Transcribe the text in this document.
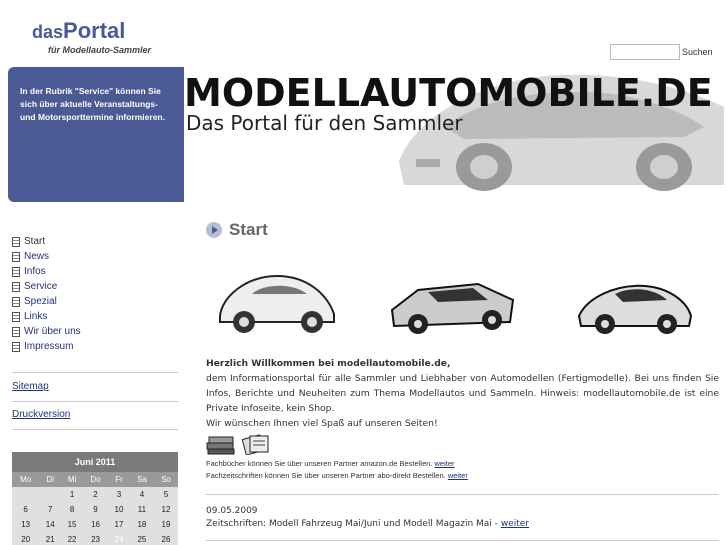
dasPortal
für Modellauto-Sammler	Suchen
In der Rubrik "Service" können Sie sich über aktuelle Veranstaltungs- und Motorsporttermine informieren.
MODELLAUTOMOBILE.DE
Das Portal für den Sammler
Start
News
Infos
Service
Spezial
Links
Wir über uns
Impressum
Sitemap
Druckversion
Juni 2011
Mo	Di	Mi	Do	Fr	Sa	So
		1	2	3	4	5
6	7	8	9	10	11	12
13	14	15	16	17	18	19
20	21	22	23	24	25	26
Start
Herzlich Willkommen bei modellautomobile.de,
dem Informationsportal für alle Sammler und Liebhaber von Automodellen (Fertigmodelle). Bei uns finden Sie Infos, Berichte und Neuheiten zum Thema Modellautos und Sammeln. Hinweis: modellautomobile.de ist eine Private Infoseite, kein Shop.
Wir wünschen Ihnen viel Spaß auf unseren Seiten!
Fachbücher können Sie über unseren Partner amazon.de Bestellen. weiter
Fachzeitschriften können Sie über unseren Partner abo-direkt Bestellen. weiter
09.05.2009
Zeitschriften: Modell Fahrzeug Mai/Juni und Modell Magazin Mai - weiter
